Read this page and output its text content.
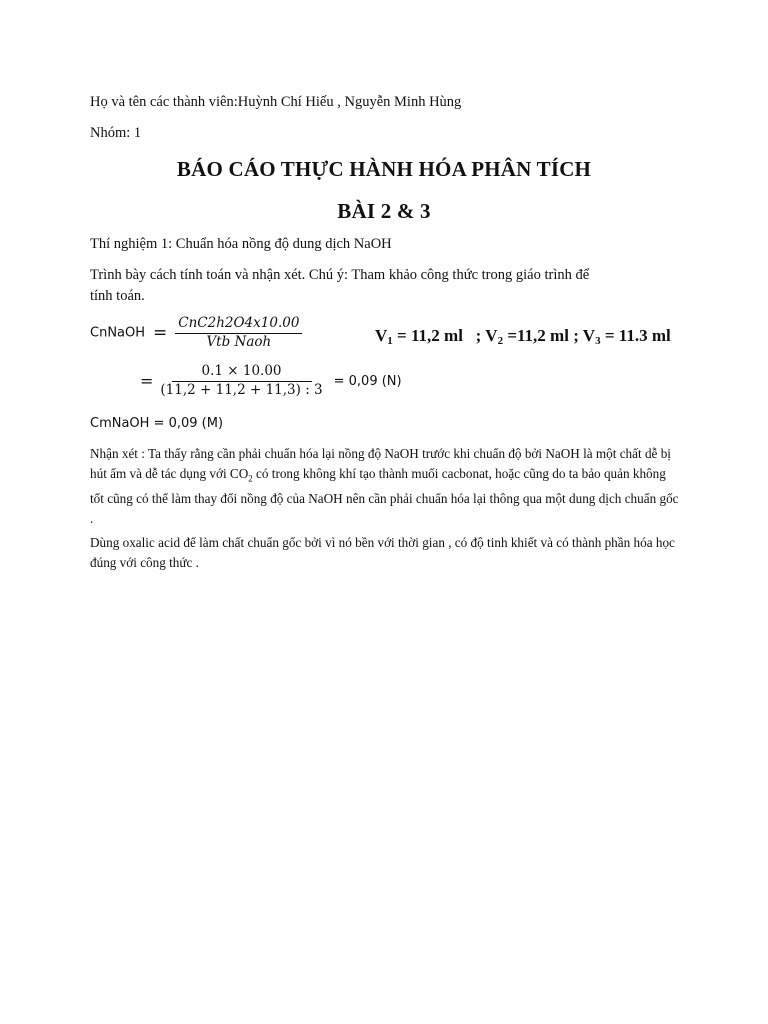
Họ và tên các thành viên:Huỳnh Chí Hiếu , Nguyễn Minh Hùng
Nhóm: 1
BÁO CÁO THỰC HÀNH HÓA PHÂN TÍCH
BÀI 2 & 3
Thí nghiệm 1: Chuẩn hóa nồng độ dung dịch NaOH
Trình bày cách tính toán và nhận xét. Chú ý: Tham khảo công thức trong giáo trình để
tính toán.
CnNaOH = $\frac{\text{CnC2h2O4x10.00}}{\text{Vtb Naoh}}$	$V_1 = 11,2$ ml ; $V_2 =11,2$ ml ; $V_3 = 11.3$ ml
= $\frac{0.1 \times 10.00}{(11,2 + 11,2 + 11,3) : 3} = 0,09$ (N)
CmNaOH = 0,09 (M)
Nhận xét : Ta thấy rằng cần phải chuẩn hóa lại nồng độ NaOH trước khi chuẩn độ bởi NaOH là một chất dễ bị hút ẩm và dễ tác dụng với $CO_2$ có trong không khí tạo thành muối cacbonat, hoặc cũng do ta bảo quản không tốt cũng có thể làm thay đổi nồng độ của NaOH nên cần phải chuẩn hóa lại thông qua một dung dịch chuẩn gốc .
Dùng oxalic acid để làm chất chuẩn gốc bởi vì nó bền với thời gian , có độ tinh khiết và có thành phần hóa học đúng với công thức .
